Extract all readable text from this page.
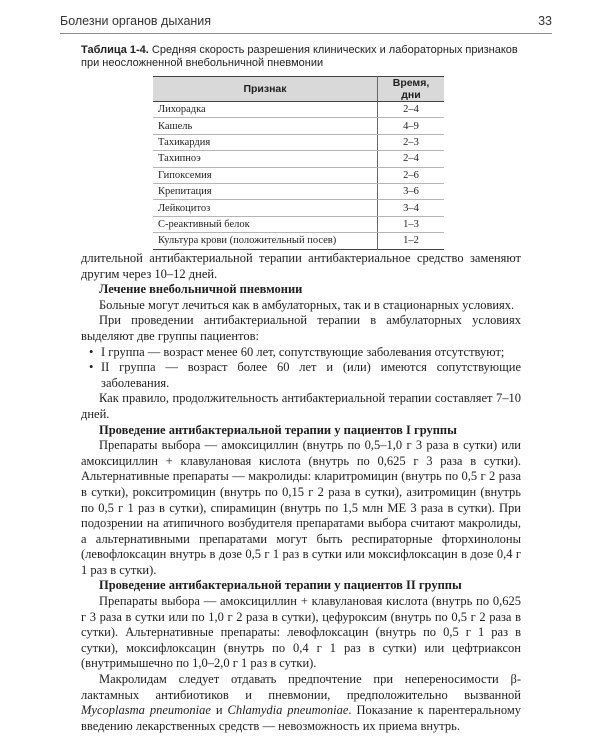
Болезни органов дыхания	33
Таблица 1-4. Средняя скорость разрешения клинических и лабораторных признаков при неосложненной внебольничной пневмонии
Признак	Время, дни
Лихорадка	2–4
Кашель	4–9
Тахикардия	2–3
Тахипноэ	2–4
Гипоксемия	2–6
Крепитация	3–6
Лейкоцитоз	3–4
С-реактивный белок	1–3
Культура крови (положительный посев)	1–2

длительной антибактериальной терапии антибактериальное средство заменяют другим через 10–12 дней.

Лечение внебольничной пневмонии

Больные могут лечиться как в амбулаторных, так и в стационарных условиях.

При проведении антибактериальной терапии в амбулаторных условиях выделяют две группы пациентов:

• I группа — возраст менее 60 лет, сопутствующие заболевания отсутствуют;
• II группа — возраст более 60 лет и (или) имеются сопутствующие заболевания.

Как правило, продолжительность антибактериальной терапии составляет 7–10 дней.

Проведение антибактериальной терапии у пациентов I группы

Препараты выбора — амоксициллин (внутрь по 0,5–1,0 г 3 раза в сутки) или амоксициллин + клавулановая кислота (внутрь по 0,625 г 3 раза в сутки). Альтернативные препараты — макролиды: кларитромицин (внутрь по 0,5 г 2 раза в сутки), рокситромицин (внутрь по 0,15 г 2 раза в сутки), азитромицин (внутрь по 0,5 г 1 раз в сутки), спирамицин (внутрь по 1,5 млн МЕ 3 раза в сутки). При подозрении на атипичного возбудителя препаратами выбора считают макролиды, а альтернативными препаратами могут быть респираторные фторхинолоны (левофлоксацин внутрь в дозе 0,5 г 1 раз в сутки или моксифлоксацин в дозе 0,4 г 1 раз в сутки).

Проведение антибактериальной терапии у пациентов II группы

Препараты выбора — амоксициллин + клавулановая кислота (внутрь по 0,625 г 3 раза в сутки или по 1,0 г 2 раза в сутки), цефуроксим (внутрь по 0,5 г 2 раза в сутки). Альтернативные препараты: левофлоксацин (внутрь по 0,5 г 1 раз в сутки), моксифлоксацин (внутрь по 0,4 г 1 раз в сутки) или цефтриаксон (внутримышечно по 1,0–2,0 г 1 раз в сутки).

Макролидам следует отдавать предпочтение при непереносимости β-лактамных антибиотиков и пневмонии, предположительно вызванной Mycoplasma pneumoniae и Chlamydia pneumoniae. Показание к парентеральному введению лекарственных средств — невозможность их приема внутрь.
